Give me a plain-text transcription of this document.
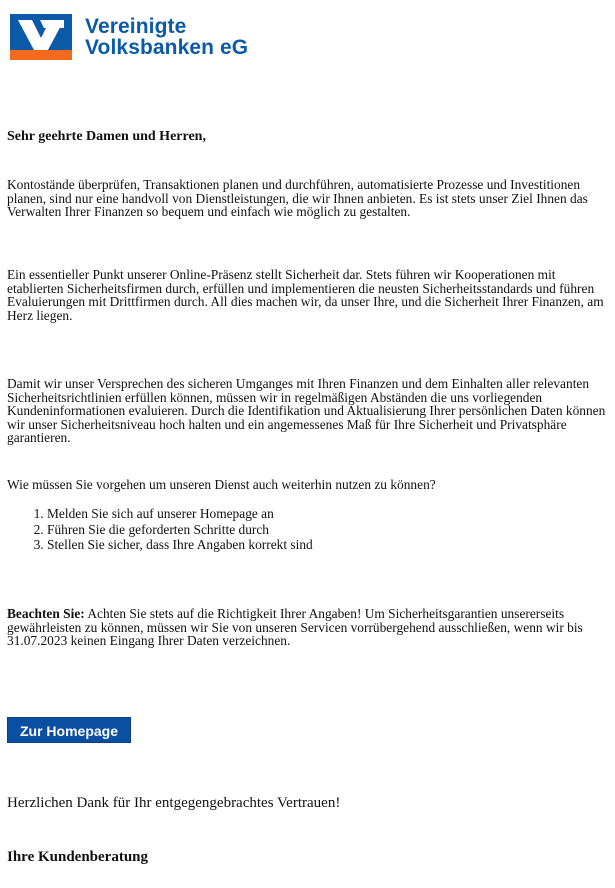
Vereinigte
Volksbanken eG
Sehr geehrte Damen und Herren,
Kontostände überprüfen, Transaktionen planen und durchführen, automatisierte Prozesse und Investitionen planen, sind nur eine handvoll von Dienstleistungen, die wir Ihnen anbieten. Es ist stets unser Ziel Ihnen das Verwalten Ihrer Finanzen so bequem und einfach wie möglich zu gestalten.
Ein essentieller Punkt unserer Online-Präsenz stellt Sicherheit dar. Stets führen wir Kooperationen mit etablierten Sicherheitsfirmen durch, erfüllen und implementieren die neusten Sicherheitsstandards und führen Evaluierungen mit Drittfirmen durch. All dies machen wir, da unser Ihre, und die Sicherheit Ihrer Finanzen, am Herz liegen.
Damit wir unser Versprechen des sicheren Umganges mit Ihren Finanzen und dem Einhalten aller relevanten Sicherheitsrichtlinien erfüllen können, müssen wir in regelmäßigen Abständen die uns vorliegenden Kundeninformationen evaluieren. Durch die Identifikation und Aktualisierung Ihrer persönlichen Daten können wir unser Sicherheitsniveau hoch halten und ein angemessenes Maß für Ihre Sicherheit und Privatsphäre garantieren.
Wie müssen Sie vorgehen um unseren Dienst auch weiterhin nutzen zu können?
1. Melden Sie sich auf unserer Homepage an
2. Führen Sie die geforderten Schritte durch
3. Stellen Sie sicher, dass Ihre Angaben korrekt sind
Beachten Sie: Achten Sie stets auf die Richtigkeit Ihrer Angaben! Um Sicherheitsgarantien unsererseits gewährleisten zu können, müssen wir Sie von unseren Servicen vorrübergehend ausschließen, wenn wir bis 31.07.2023 keinen Eingang Ihrer Daten verzeichnen.
Zur Homepage
Herzlichen Dank für Ihr entgegengebrachtes Vertrauen!
Ihre Kundenberatung
